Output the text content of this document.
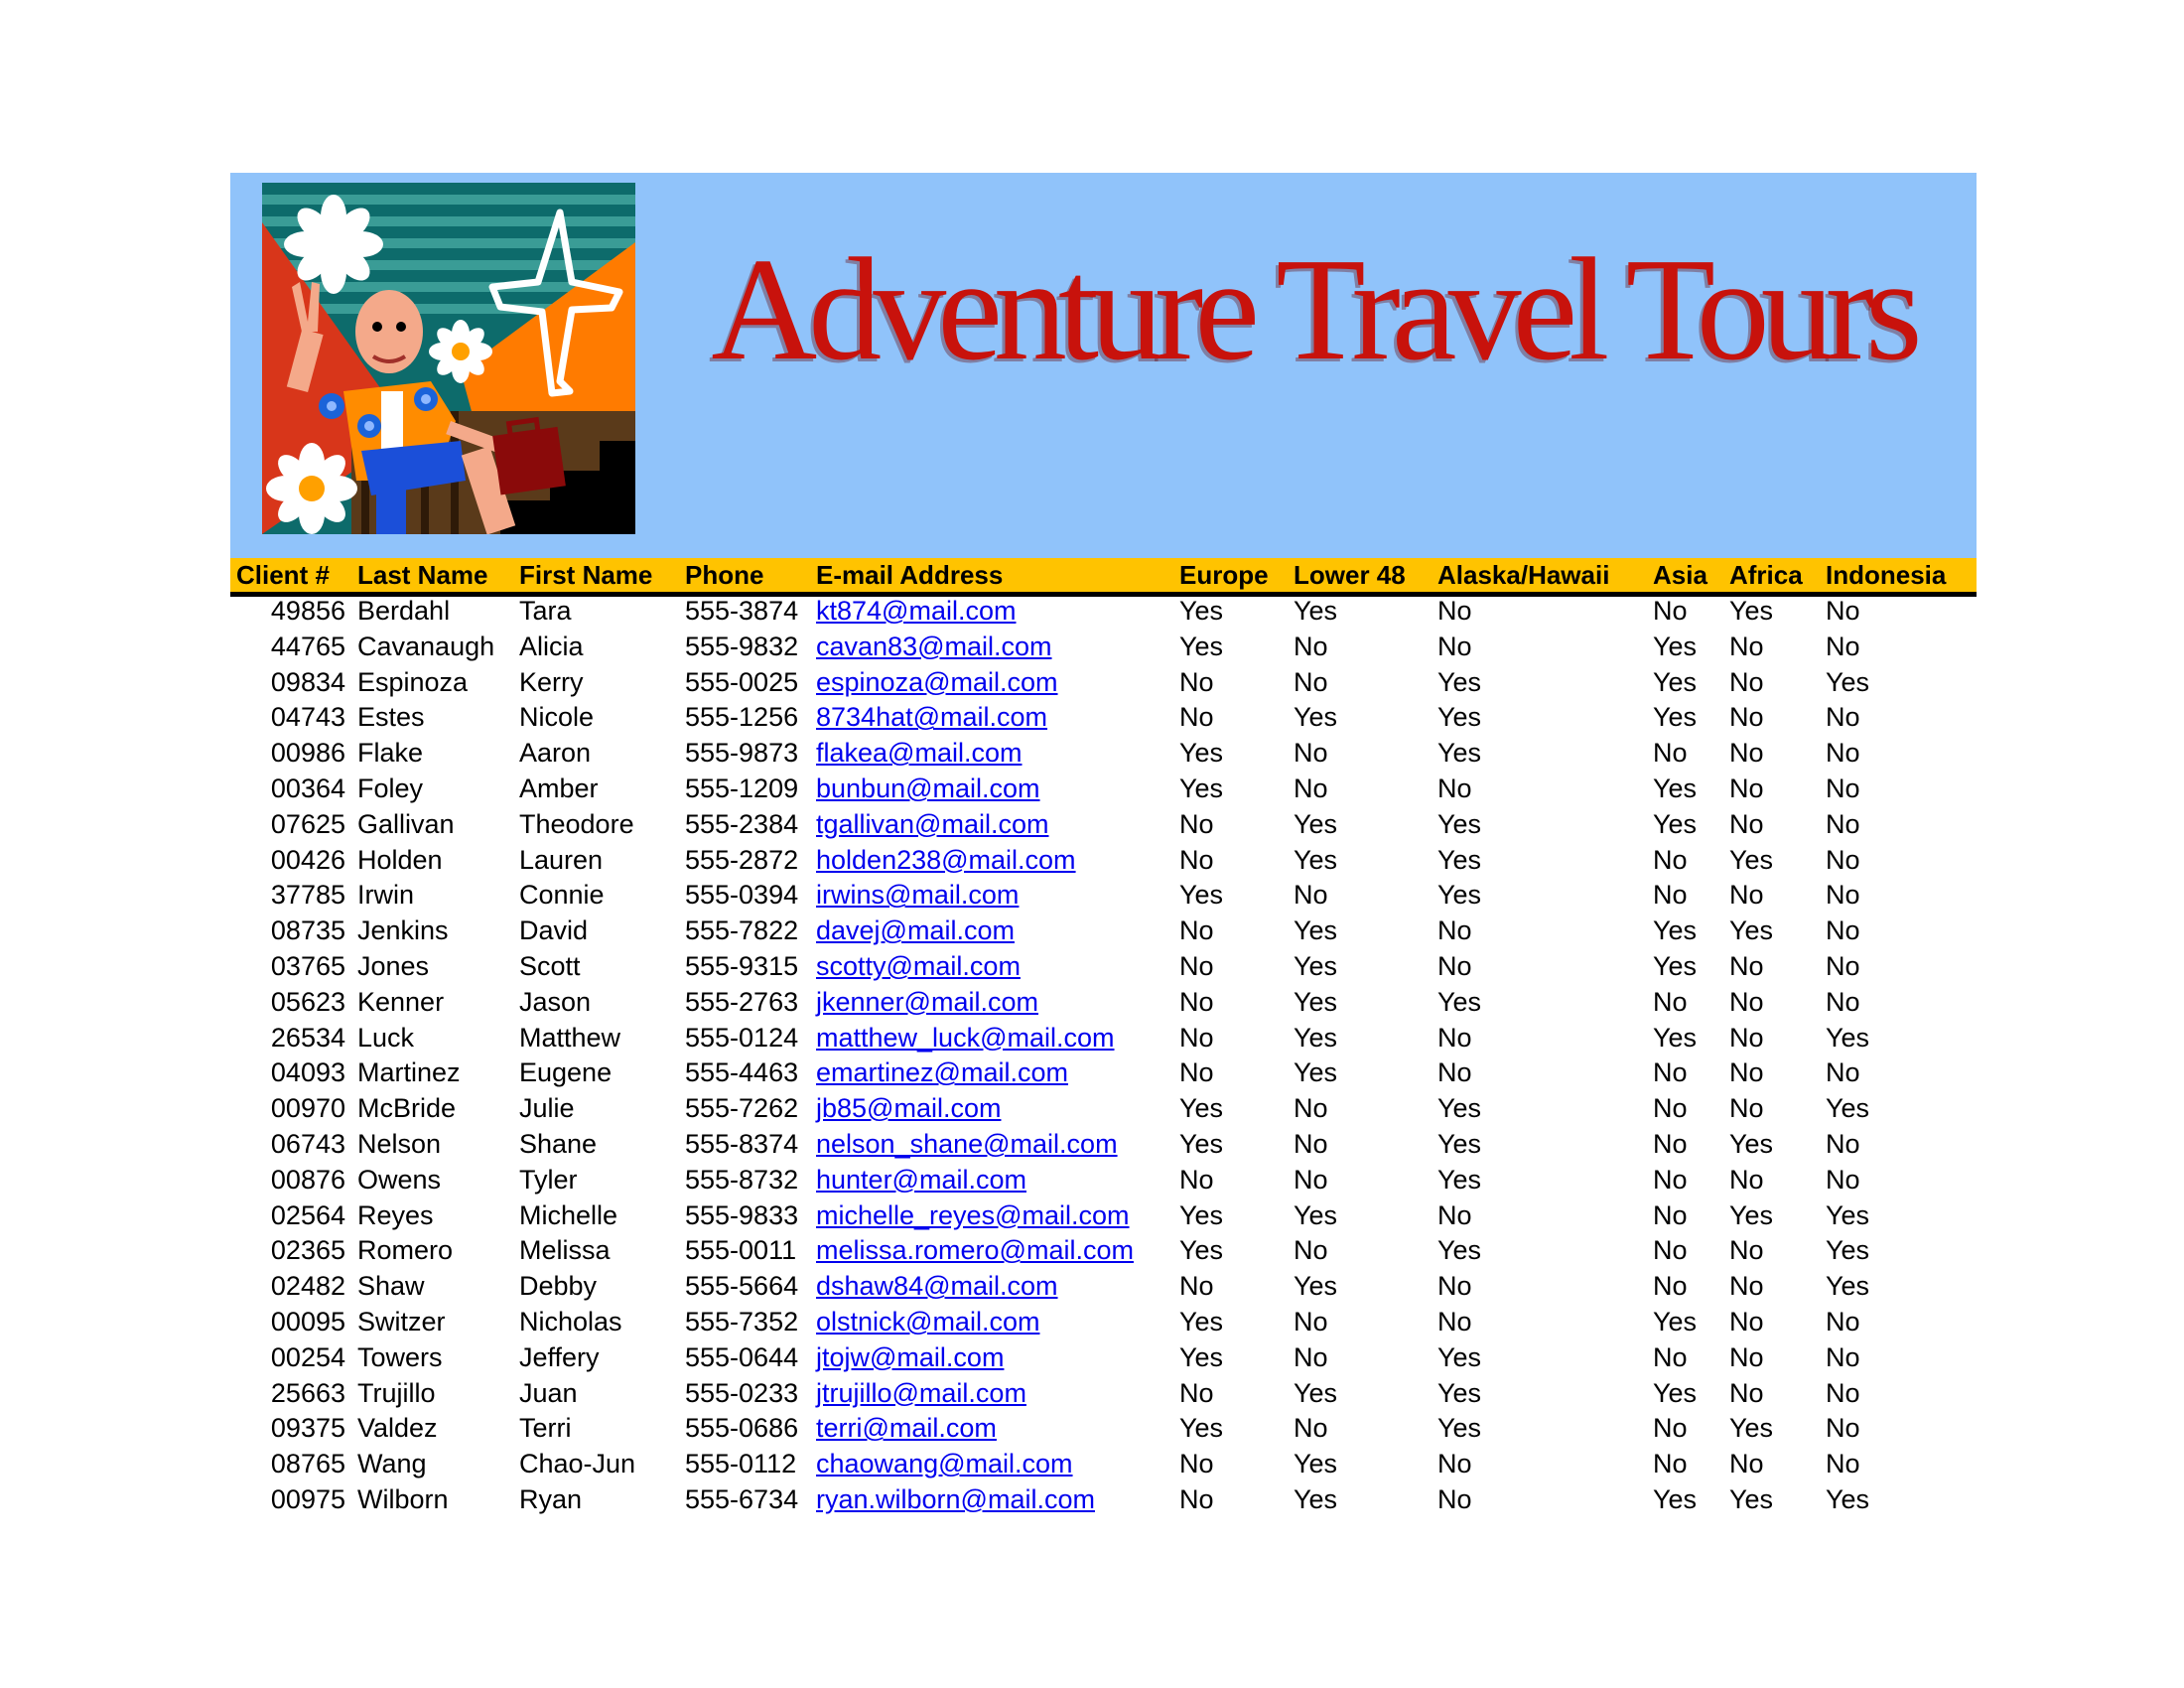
Adventure Travel Tours
Client # Last Name First Name Phone E-mail Address	Europe Lower 48 Alaska/Hawaii Asia Africa Indonesia
49856 Berdahl	Tara	555-3874 kt874@mail.com	Yes	Yes	No	No Yes No
44765 Cavanaugh Alicia	555-9832 cavan83@mail.com	Yes	No	No	Yes No No
09834 Espinoza Kerry	555-0025 espinoza@mail.com	No	No	Yes	Yes No Yes
04743 Estes	Nicole	555-1256 8734hat@mail.com	No	Yes	Yes	Yes No No
00986 Flake	Aaron	555-9873 flakea@mail.com	Yes	No	Yes	No No No
00364 Foley	Amber	555-1209 bunbun@mail.com	Yes	No	No	Yes No No
07625 Gallivan Theodore 555-2384 tgallivan@mail.com	No	Yes	Yes	Yes No No
00426 Holden	Lauren	555-2872 holden238@mail.com	No	Yes	Yes	No Yes No
37785 Irwin	Connie	555-0394 irwins@mail.com	Yes	No	Yes	No No No
08735 Jenkins	David	555-7822 davej@mail.com	No	Yes	No	Yes Yes No
03765 Jones	Scott	555-9315 scotty@mail.com	No	Yes	No	Yes No No
05623 Kenner	Jason	555-2763 jkenner@mail.com	No	Yes	Yes	No No No
26534 Luck	Matthew 555-0124 matthew_luck@mail.com No	Yes	No	Yes No Yes
04093 Martinez Eugene	555-4463 emartinez@mail.com	No	Yes	No	No No No
00970 McBride Julie	555-7262 jb85@mail.com	Yes	No	Yes	No No Yes
06743 Nelson	Shane	555-8374 nelson_shane@mail.com Yes	No	Yes	No Yes No
00876 Owens	Tyler	555-8732 hunter@mail.com	No	No	Yes	No No No
02564 Reyes	Michelle	555-9833 michelle_reyes@mail.com Yes	Yes	No	No Yes Yes
02365 Romero Melissa	555-0011 melissa.romero@mail.com Yes	No	Yes	No No Yes
02482 Shaw	Debby	555-5664 dshaw84@mail.com	No	Yes	No	No No Yes
00095 Switzer	Nicholas 555-7352 olstnick@mail.com	Yes	No	No	Yes No No
00254 Towers	Jeffery	555-0644 jtojw@mail.com	Yes	No	Yes	No No No
25663 Trujillo	Juan	555-0233 jtrujillo@mail.com	No	Yes	Yes	Yes No No
09375 Valdez	Terri	555-0686 terri@mail.com	Yes	No	Yes	No Yes No
08765 Wang	Chao-Jun 555-0112 chaowang@mail.com	No	Yes	No	No No No
00975 Wilborn	Ryan	555-6734 ryan.wilborn@mail.com	No	Yes	No	Yes Yes Yes
